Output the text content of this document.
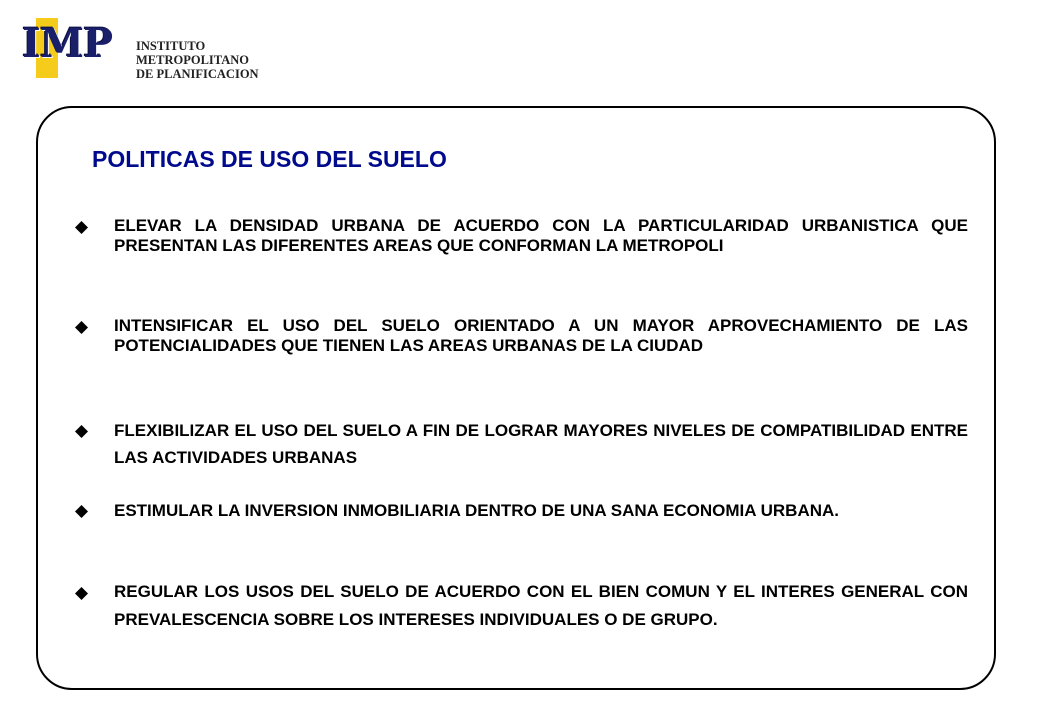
IMP INSTITUTO
METROPOLITANO
DE PLANIFICACION
POLITICAS DE USO DEL SUELO
ELEVAR LA DENSIDAD URBANA DE ACUERDO CON LA PARTICULARIDAD URBANISTICA QUE PRESENTAN LAS DIFERENTES AREAS QUE CONFORMAN LA METROPOLI
INTENSIFICAR EL USO DEL SUELO ORIENTADO A UN MAYOR APROVECHAMIENTO DE LAS POTENCIALIDADES QUE TIENEN LAS AREAS URBANAS DE LA CIUDAD
FLEXIBILIZAR EL USO DEL SUELO A FIN DE LOGRAR MAYORES NIVELES DE COMPATIBILIDAD ENTRE LAS ACTIVIDADES URBANAS
ESTIMULAR LA INVERSION INMOBILIARIA DENTRO DE UNA SANA ECONOMIA URBANA.
REGULAR LOS USOS DEL SUELO DE ACUERDO CON EL BIEN COMUN Y EL INTERES GENERAL CON PREVALESCENCIA SOBRE LOS INTERESES INDIVIDUALES O DE GRUPO.
